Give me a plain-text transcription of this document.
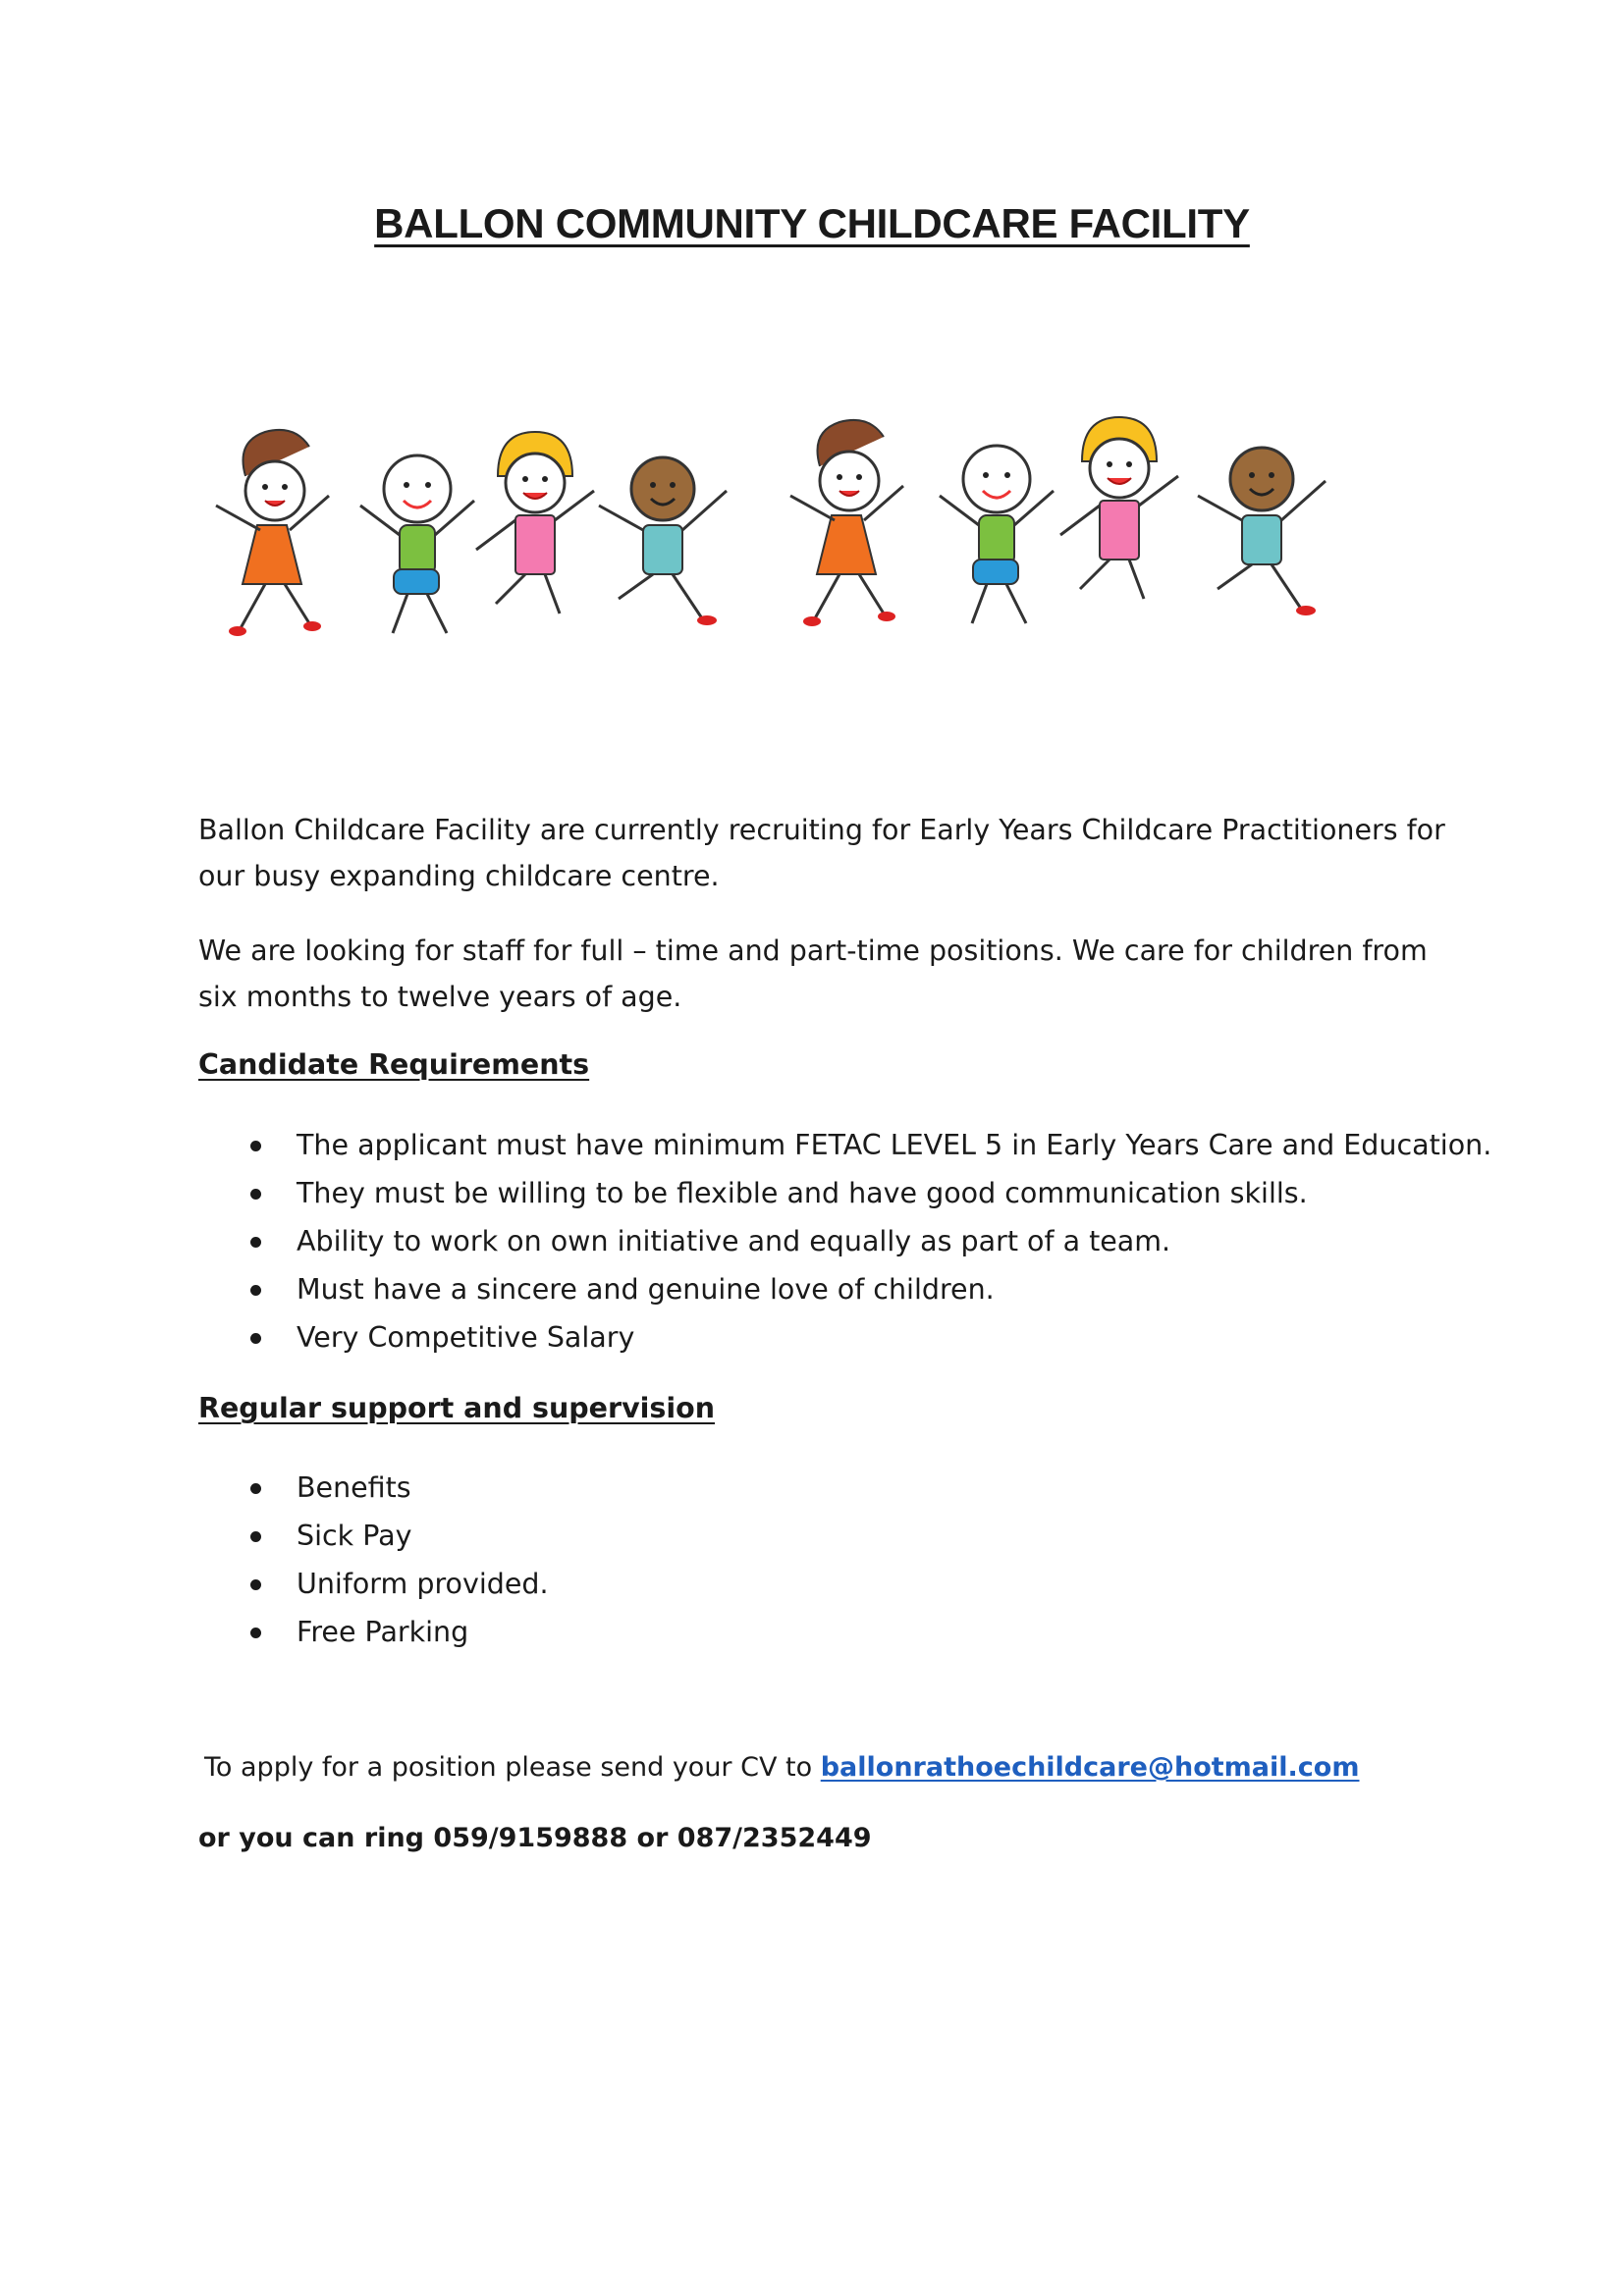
BALLON COMMUNITY CHILDCARE FACILITY
Ballon Childcare Facility are currently recruiting for Early Years Childcare Practitioners for our busy expanding childcare centre.
We are looking for staff for full – time and part-time positions. We care for children from six months to twelve years of age.
Candidate Requirements
The applicant must have minimum FETAC LEVEL 5 in Early Years Care and Education.
They must be willing to be flexible and have good communication skills.
Ability to work on own initiative and equally as part of a team.
Must have a sincere and genuine love of children.
Very Competitive Salary
Regular support and supervision
Benefits
Sick Pay
Uniform provided.
Free Parking
To apply for a position please send your CV to ballonrathoechildcare@hotmail.com
or you can ring 059/9159888 or 087/2352449
